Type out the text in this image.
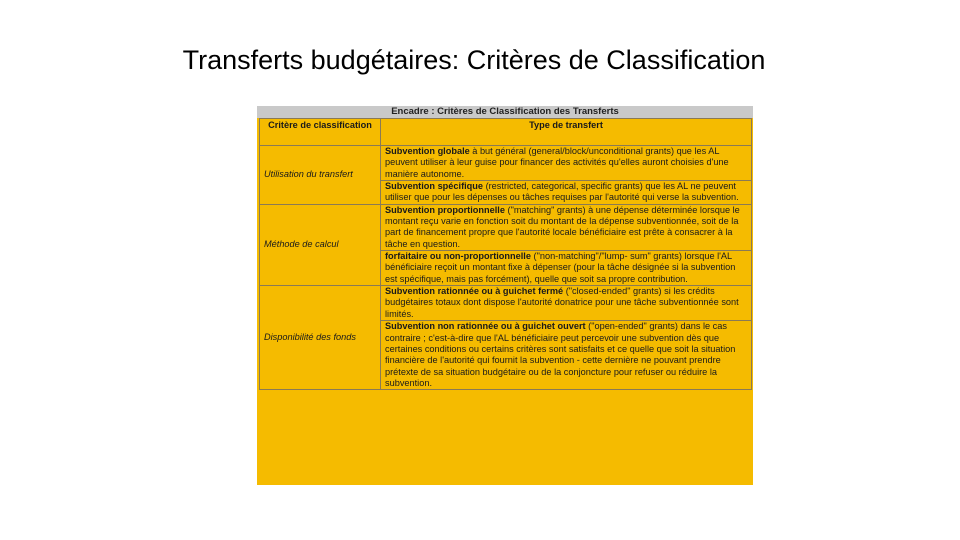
Transferts budgétaires: Critères de Classification
Encadre : Critères de Classification des Transferts
Critère de classification	Type de transfert
Utilisation du transfert	Subvention globale à but général (general/block/unconditional grants) que les AL peuvent utiliser à leur guise pour financer des activités qu'elles auront choisies d'une manière autonome.

Subvention spécifique (restricted, categorical, specific grants) que les AL ne peuvent utiliser que pour les dépenses ou tâches requises par l'autorité qui verse la subvention.

Méthode de calcul	Subvention proportionnelle ("matching" grants) à une dépense déterminée lorsque le montant reçu varie en fonction soit du montant de la dépense subventionnée, soit de la part de financement propre que l'autorité locale bénéficiaire est prête à consacrer à la tâche en question.

forfaitaire ou non-proportionnelle ("non-matching"/"lump- sum" grants) lorsque l'AL bénéficiaire reçoit un montant fixe à dépenser (pour la tâche désignée si la subvention est spécifique, mais pas forcément), quelle que soit sa propre contribution.

Disponibilité des fonds	Subvention rationnée ou à guichet fermé ("closed-ended" grants) si les crédits budgétaires totaux dont dispose l'autorité donatrice pour une tâche subventionnée sont limités.

Subvention non rationnée ou à guichet ouvert ("open-ended" grants) dans le cas contraire ; c'est-à-dire que l'AL bénéficiaire peut percevoir une subvention dès que certaines conditions ou certains critères sont satisfaits et ce quelle que soit la situation financière de l'autorité qui fournit la subvention - cette dernière ne pouvant prendre prétexte de sa situation budgétaire ou de la conjoncture pour refuser ou réduire la subvention.
